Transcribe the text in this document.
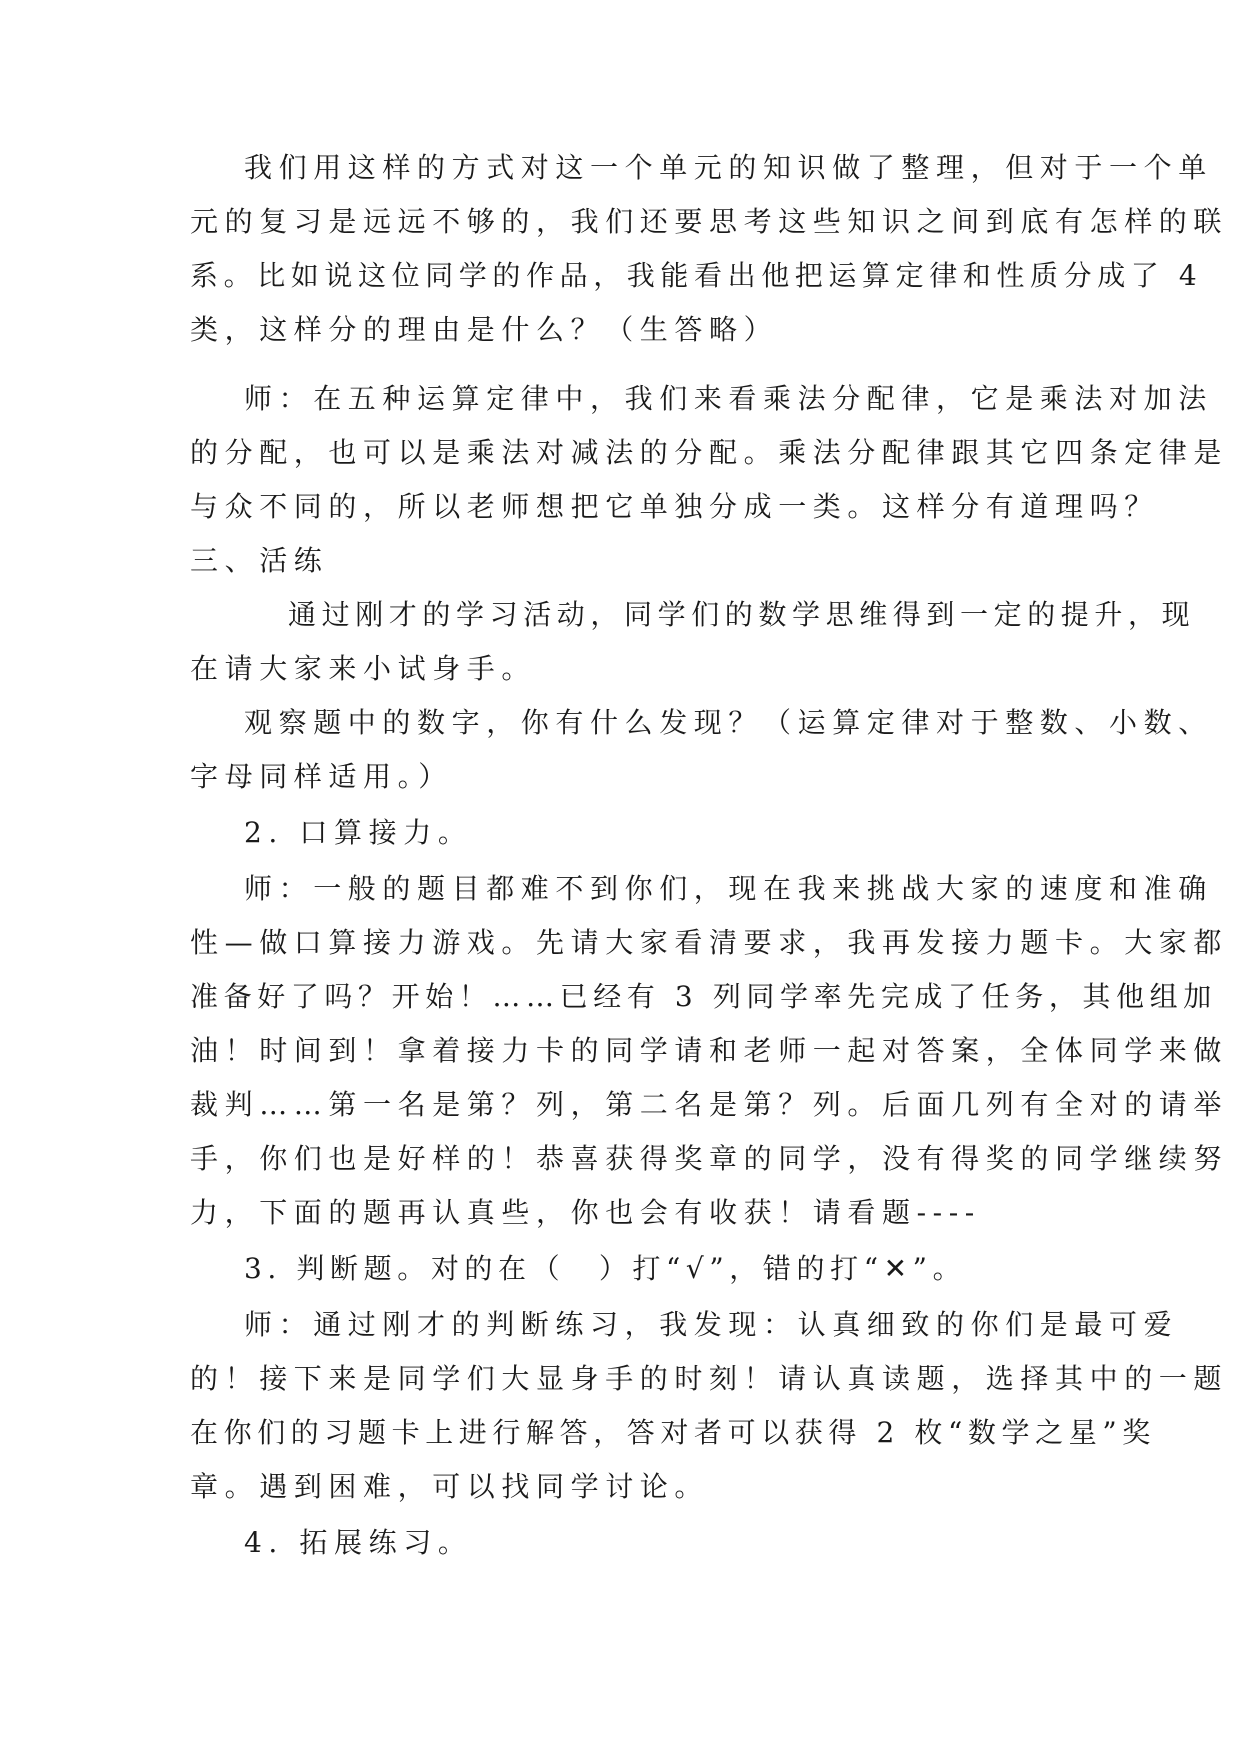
我们用这样的方式对这一个单元的知识做了整理，但对于一个单

元的复习是远远不够的，我们还要思考这些知识之间到底有怎样的联

系。比如说这位同学的作品，我能看出他把运算定律和性质分成了 4

类，这样分的理由是什么？（生答略）

师：在五种运算定律中，我们来看乘法分配律，它是乘法对加法

的分配，也可以是乘法对减法的分配。乘法分配律跟其它四条定律是

与众不同的，所以老师想把它单独分成一类。这样分有道理吗？

三、活练

通过刚才的学习活动，同学们的数学思维得到一定的提升，现

在请大家来小试身手。

观察题中的数字，你有什么发现？（运算定律对于整数、小数、

字母同样适用。）

2. 口算接力。

师：一般的题目都难不到你们，现在我来挑战大家的速度和准确

性—做口算接力游戏。先请大家看清要求，我再发接力题卡。大家都

准备好了吗？开始！……已经有 3 列同学率先完成了任务，其他组加

油！时间到！拿着接力卡的同学请和老师一起对答案，全体同学来做

裁判……第一名是第？列，第二名是第？列。后面几列有全对的请举

手，你们也是好样的！恭喜获得奖章的同学，没有得奖的同学继续努

力，下面的题再认真些，你也会有收获！请看题----

3. 判断题。对的在（　）打“√”，错的打“✕”。

师：通过刚才的判断练习，我发现：认真细致的你们是最可爱

的！接下来是同学们大显身手的时刻！请认真读题，选择其中的一题

在你们的习题卡上进行解答，答对者可以获得 2 枚“数学之星”奖

章。遇到困难，可以找同学讨论。

4. 拓展练习。
